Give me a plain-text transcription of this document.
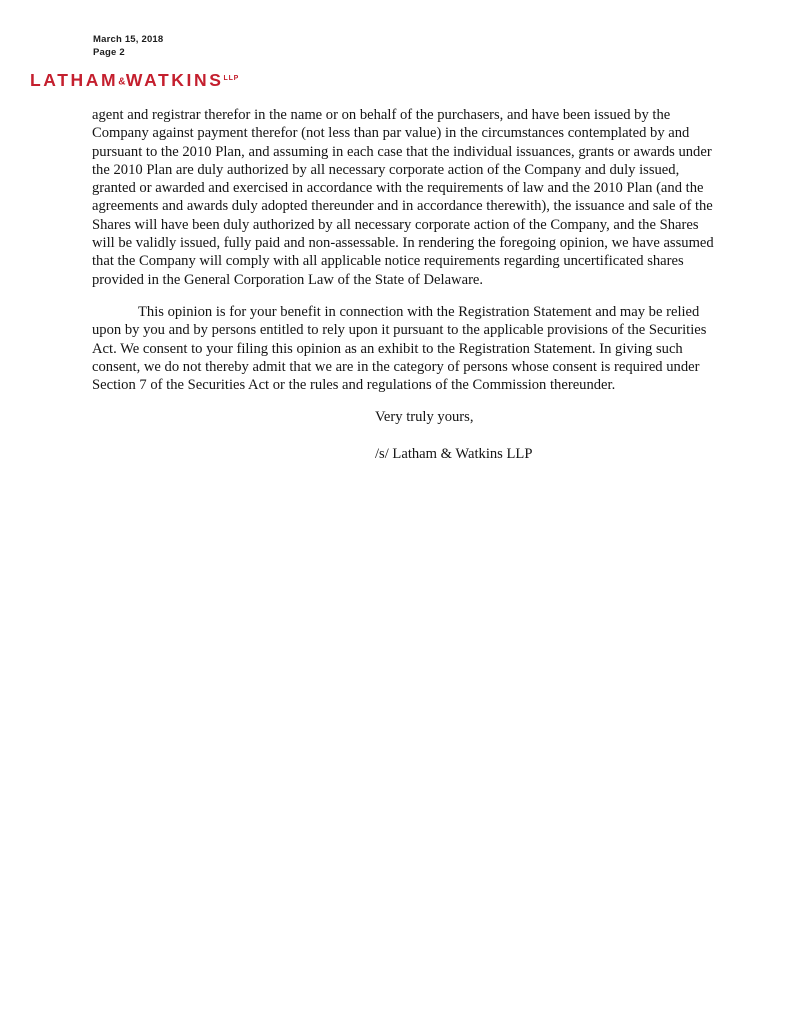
March 15, 2018
Page 2
$LATHAM\&WATKINS^{LLP}$

agent and registrar therefor in the name or on behalf of the purchasers, and have been issued by the Company against payment therefor (not less than par value) in the circumstances contemplated by and pursuant to the 2010 Plan, and assuming in each case that the individual issuances, grants or awards under the 2010 Plan are duly authorized by all necessary corporate action of the Company and duly issued, granted or awarded and exercised in accordance with the requirements of law and the 2010 Plan (and the agreements and awards duly adopted thereunder and in accordance therewith), the issuance and sale of the Shares will have been duly authorized by all necessary corporate action of the Company, and the Shares will be validly issued, fully paid and non-assessable. In rendering the foregoing opinion, we have assumed that the Company will comply with all applicable notice requirements regarding uncertificated shares provided in the General Corporation Law of the State of Delaware.

This opinion is for your benefit in connection with the Registration Statement and may be relied upon by you and by persons entitled to rely upon it pursuant to the applicable provisions of the Securities Act. We consent to your filing this opinion as an exhibit to the Registration Statement. In giving such consent, we do not thereby admit that we are in the category of persons whose consent is required under Section 7 of the Securities Act or the rules and regulations of the Commission thereunder.

Very truly yours,

/s/ Latham & Watkins LLP
